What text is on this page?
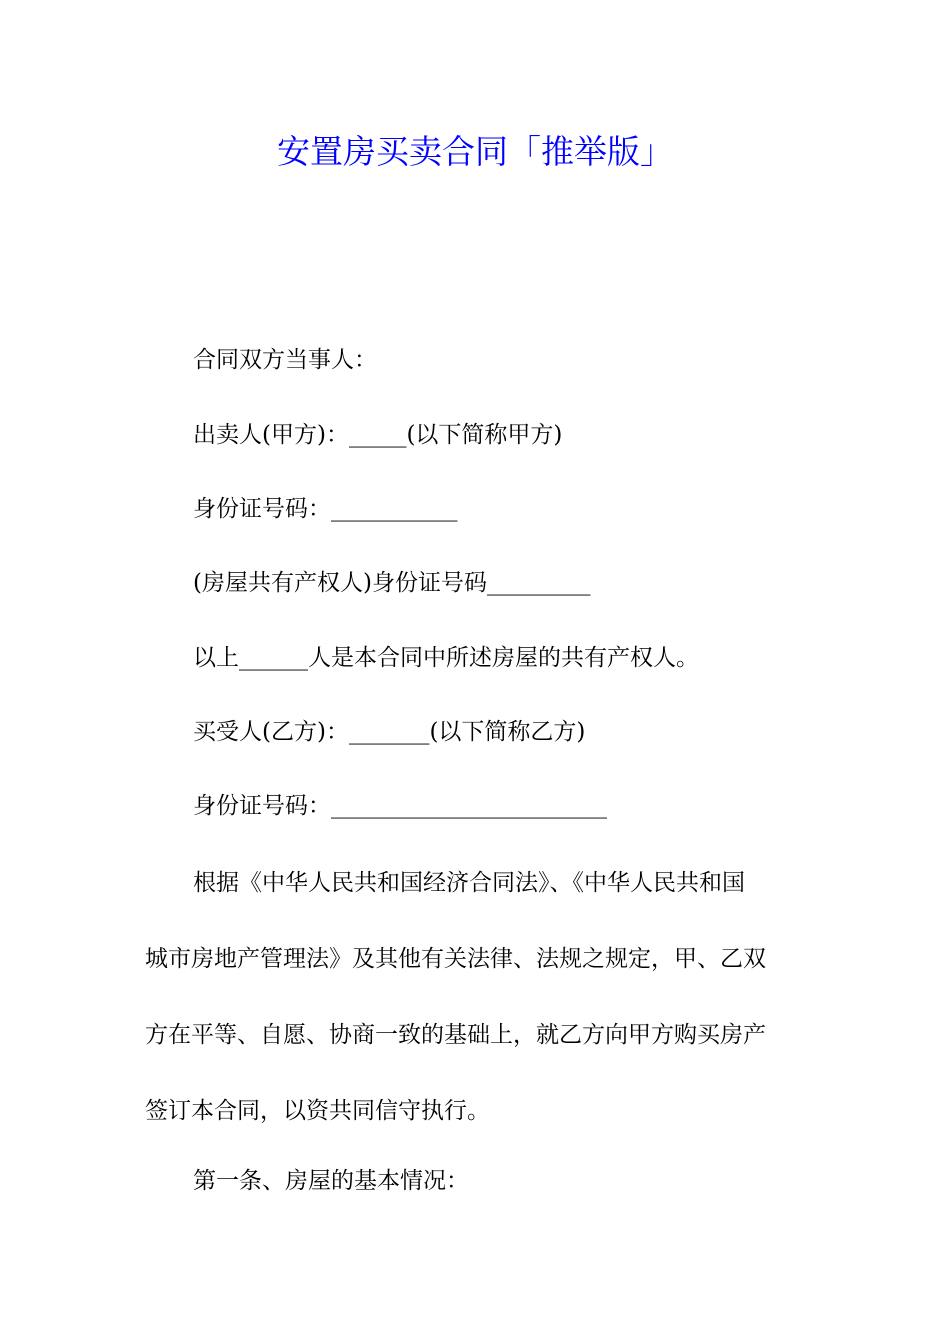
安置房买卖合同「推举版」

合同双方当事人：

出卖人(甲方)：_____(以下简称甲方)

身份证号码：___________

(房屋共有产权人)身份证号码_________

以上______人是本合同中所述房屋的共有产权人。

买受人(乙方)：_______(以下简称乙方)

身份证号码：________________________

根据《中华人民共和国经济合同法》、《中华人民共和国
城市房地产管理法》及其他有关法律、法规之规定，甲、乙双
方在平等、自愿、协商一致的基础上，就乙方向甲方购买房产
签订本合同，以资共同信守执行。

第一条、房屋的基本情况：
